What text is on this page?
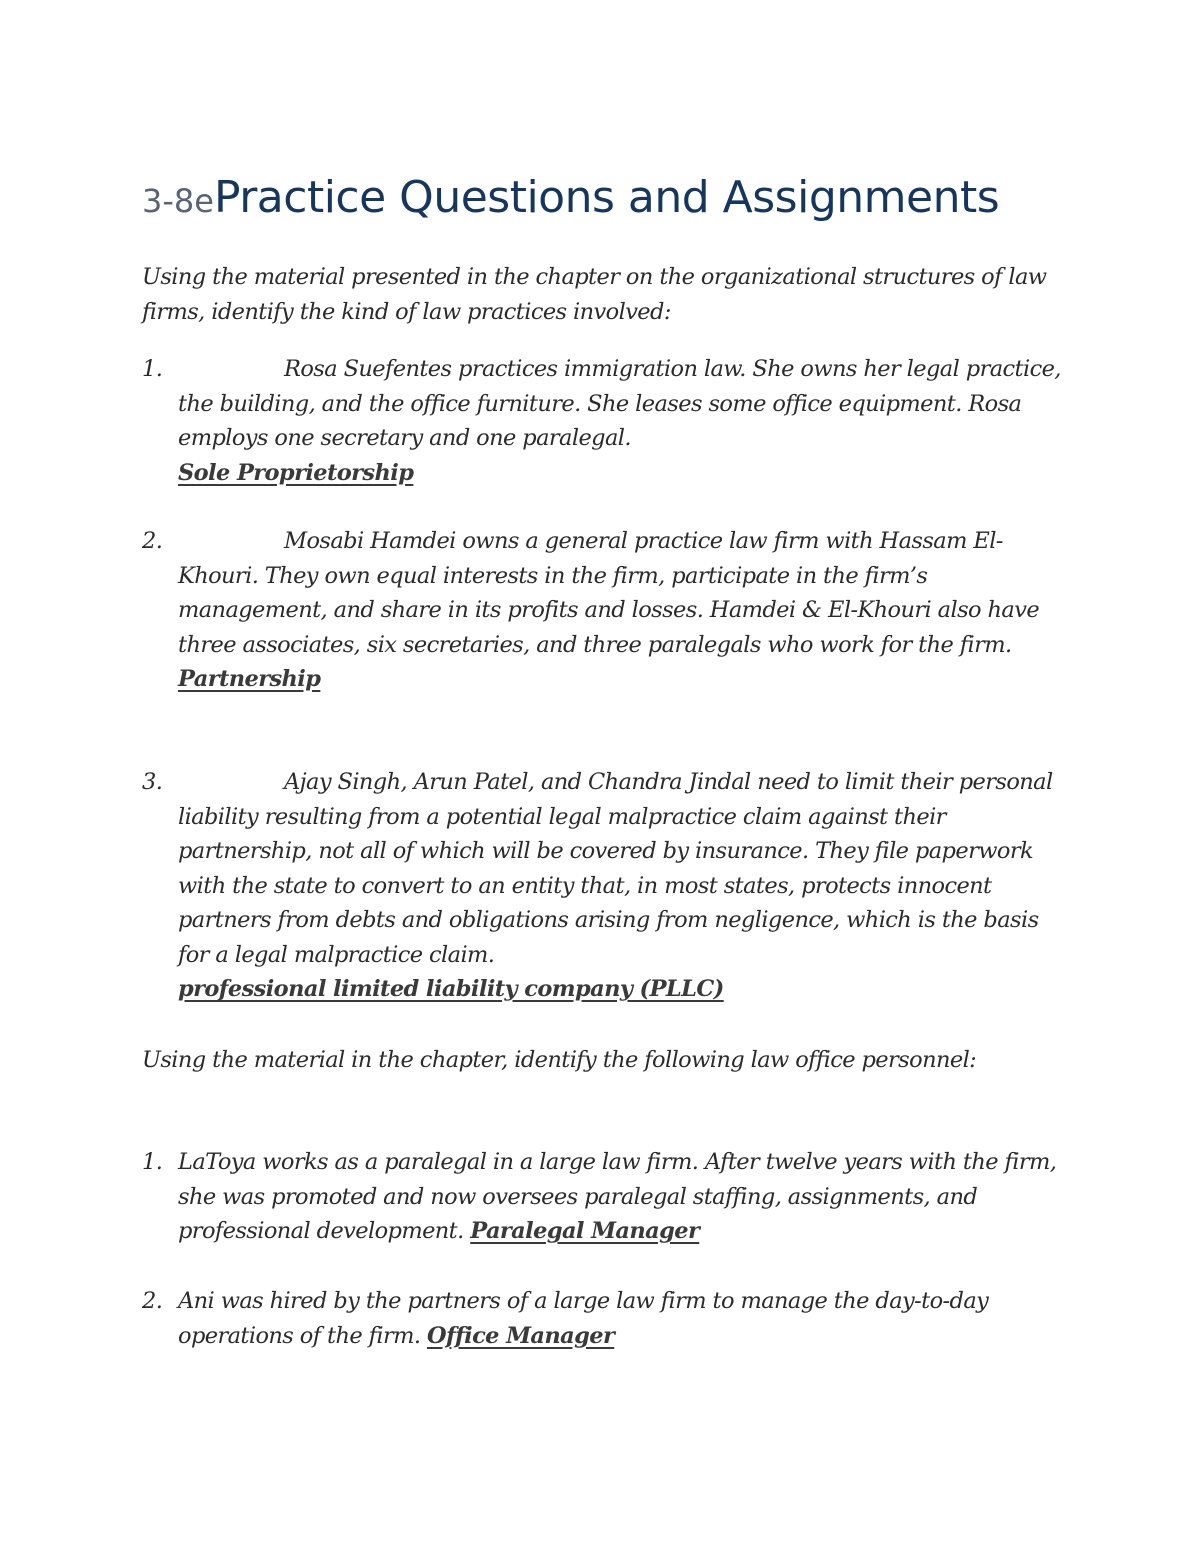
3-8ePractice Questions and Assignments
Using the material presented in the chapter on the organizational structures of law firms, identify the kind of law practices involved:
1.	Rosa Suefentes practices immigration law. She owns her legal practice, the building, and the office furniture. She leases some office equipment. Rosa employs one secretary and one paralegal.
Sole Proprietorship
2.	Mosabi Hamdei owns a general practice law firm with Hassam El-Khouri. They own equal interests in the firm, participate in the firm’s management, and share in its profits and losses. Hamdei & El-Khouri also have three associates, six secretaries, and three paralegals who work for the firm.
Partnership
3.	Ajay Singh, Arun Patel, and Chandra Jindal need to limit their personal liability resulting from a potential legal malpractice claim against their partnership, not all of which will be covered by insurance. They file paperwork with the state to convert to an entity that, in most states, protects innocent partners from debts and obligations arising from negligence, which is the basis for a legal malpractice claim.
professional limited liability company (PLLC)
Using the material in the chapter, identify the following law office personnel:
1. LaToya works as a paralegal in a large law firm. After twelve years with the firm, she was promoted and now oversees paralegal staffing, assignments, and professional development. Paralegal Manager
2. Ani was hired by the partners of a large law firm to manage the day-to-day operations of the firm. Office Manager
